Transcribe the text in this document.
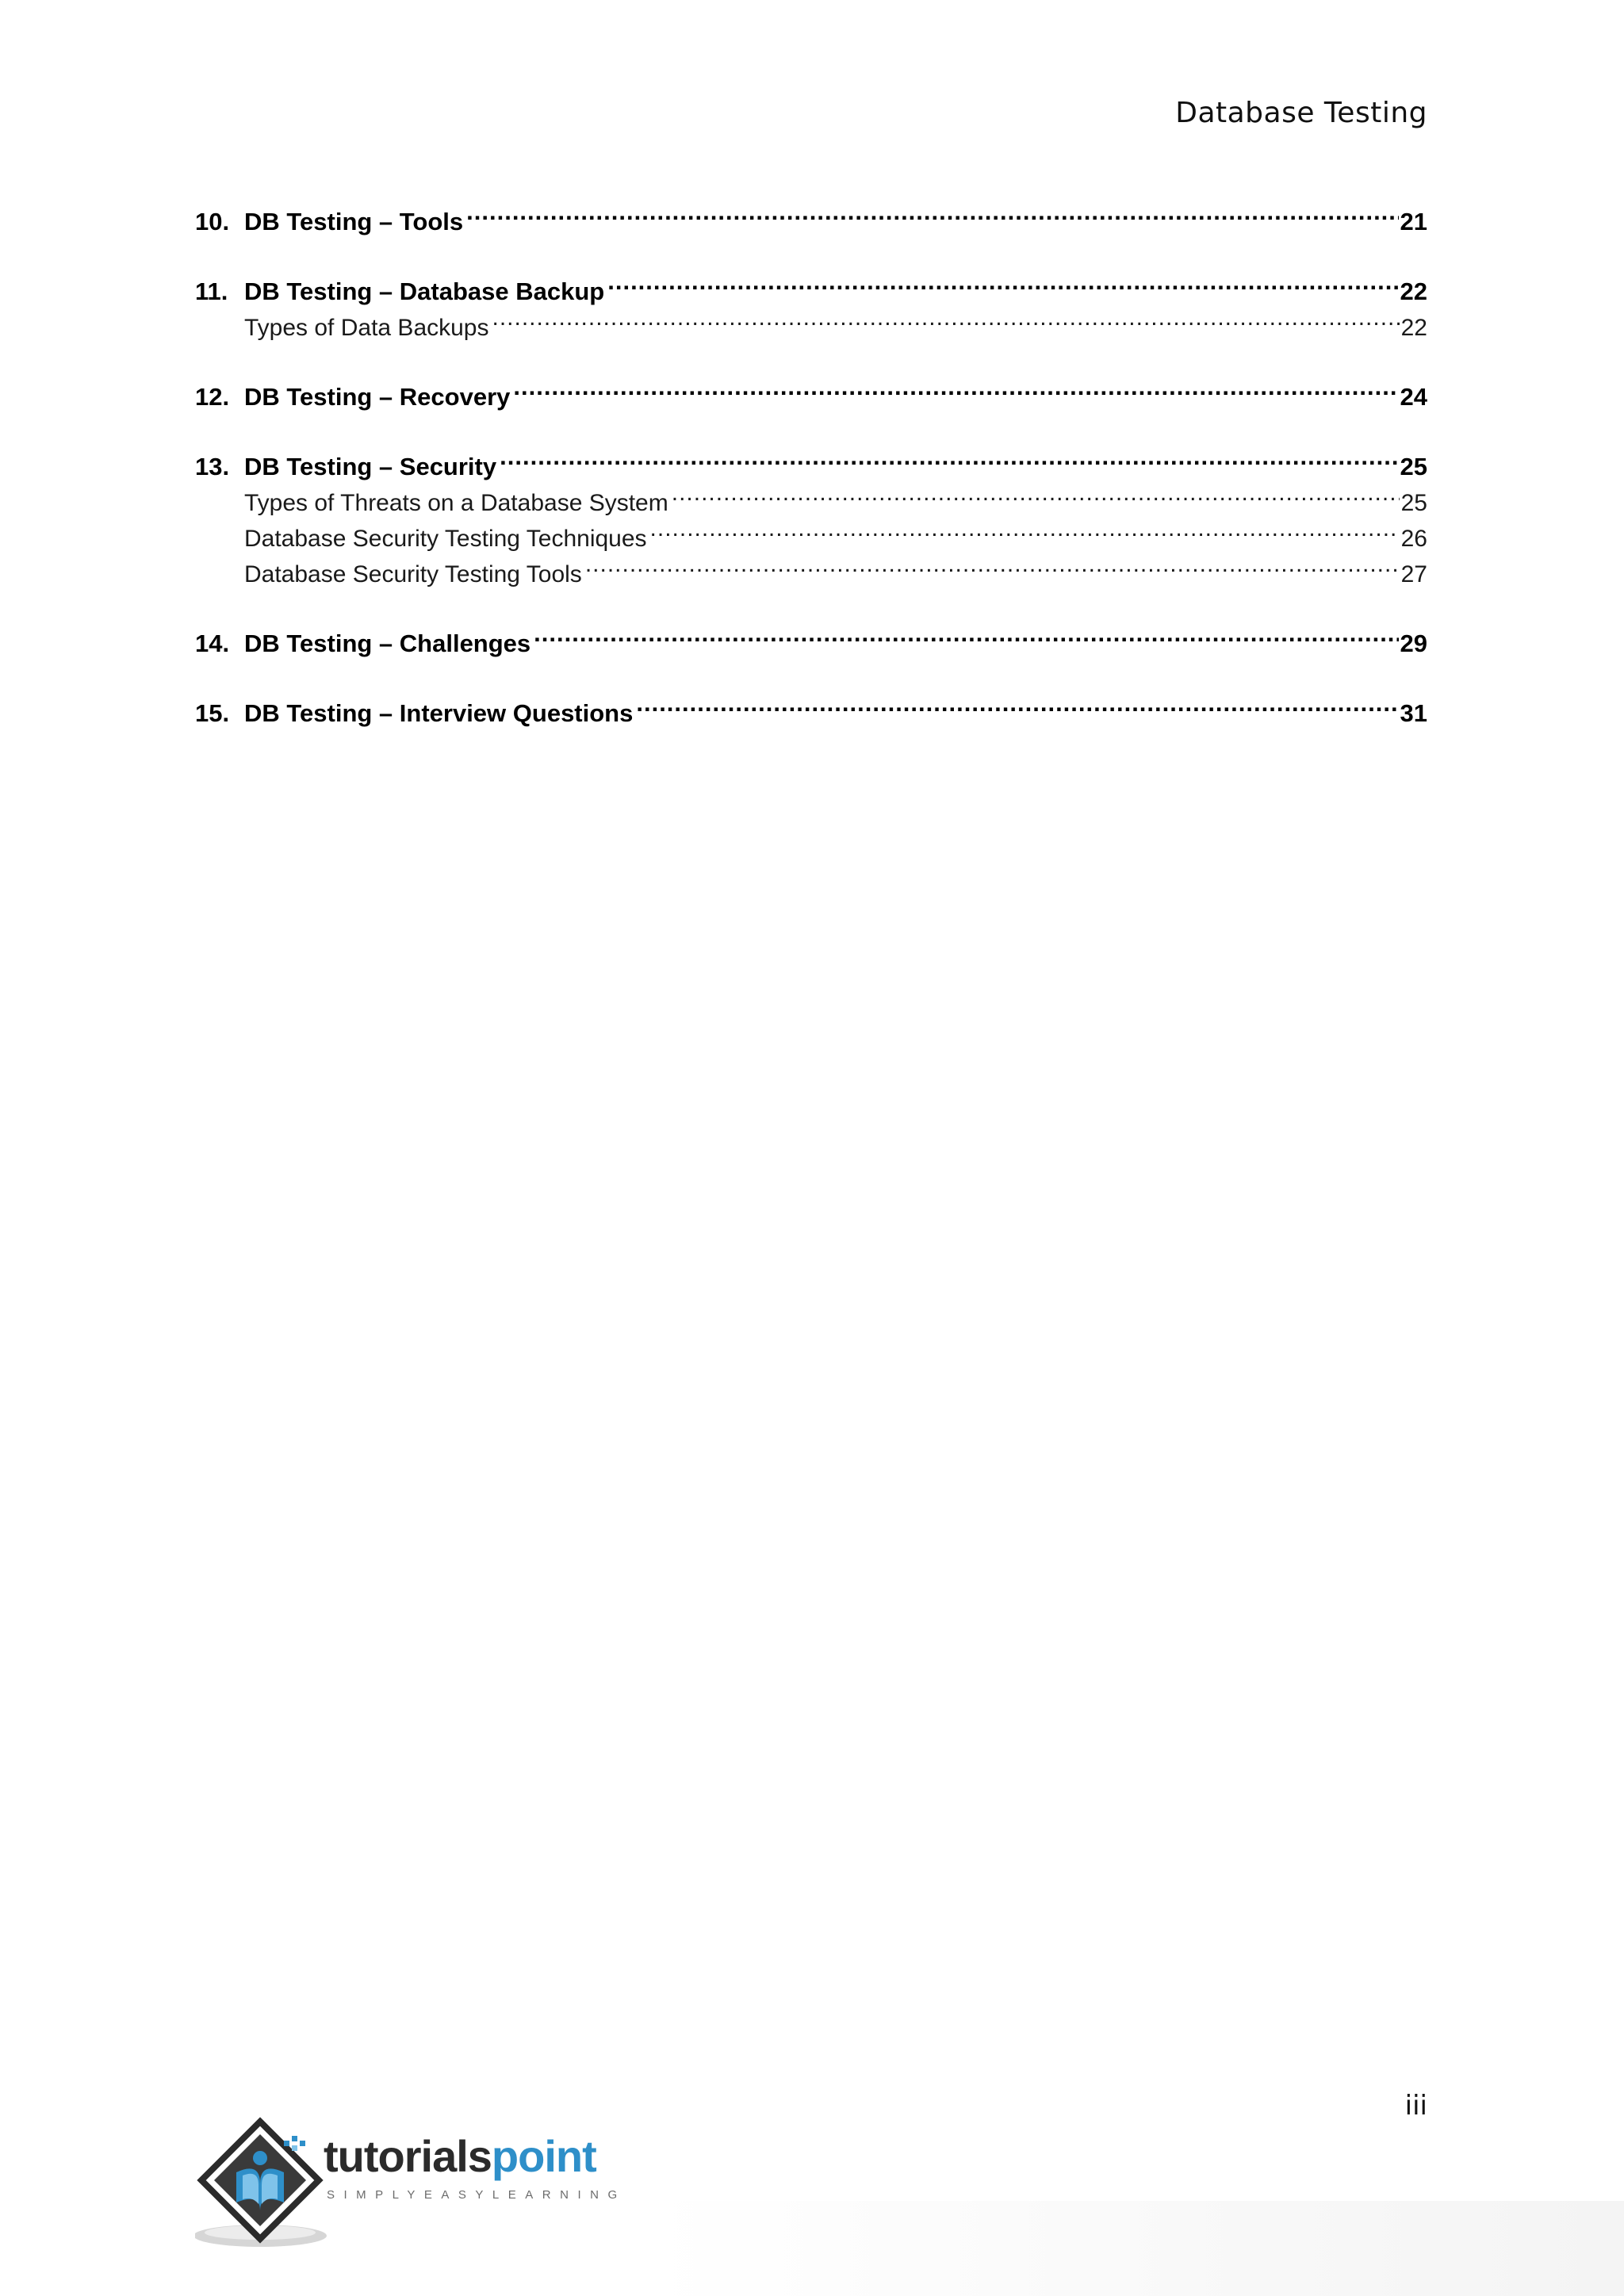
Database Testing
10. DB Testing – Tools .....	21
11. DB Testing – Database Backup .....	22
Types of Data Backups .....	22
12. DB Testing – Recovery .....	24
13. DB Testing – Security .....	25
Types of Threats on a Database System .....	25
Database Security Testing Techniques .....	26
Database Security Testing Tools .....	27
14. DB Testing – Challenges .....	29
15. DB Testing – Interview Questions .....	31
iii
tutorialspoint
SIMPLYEASYLEARNING
